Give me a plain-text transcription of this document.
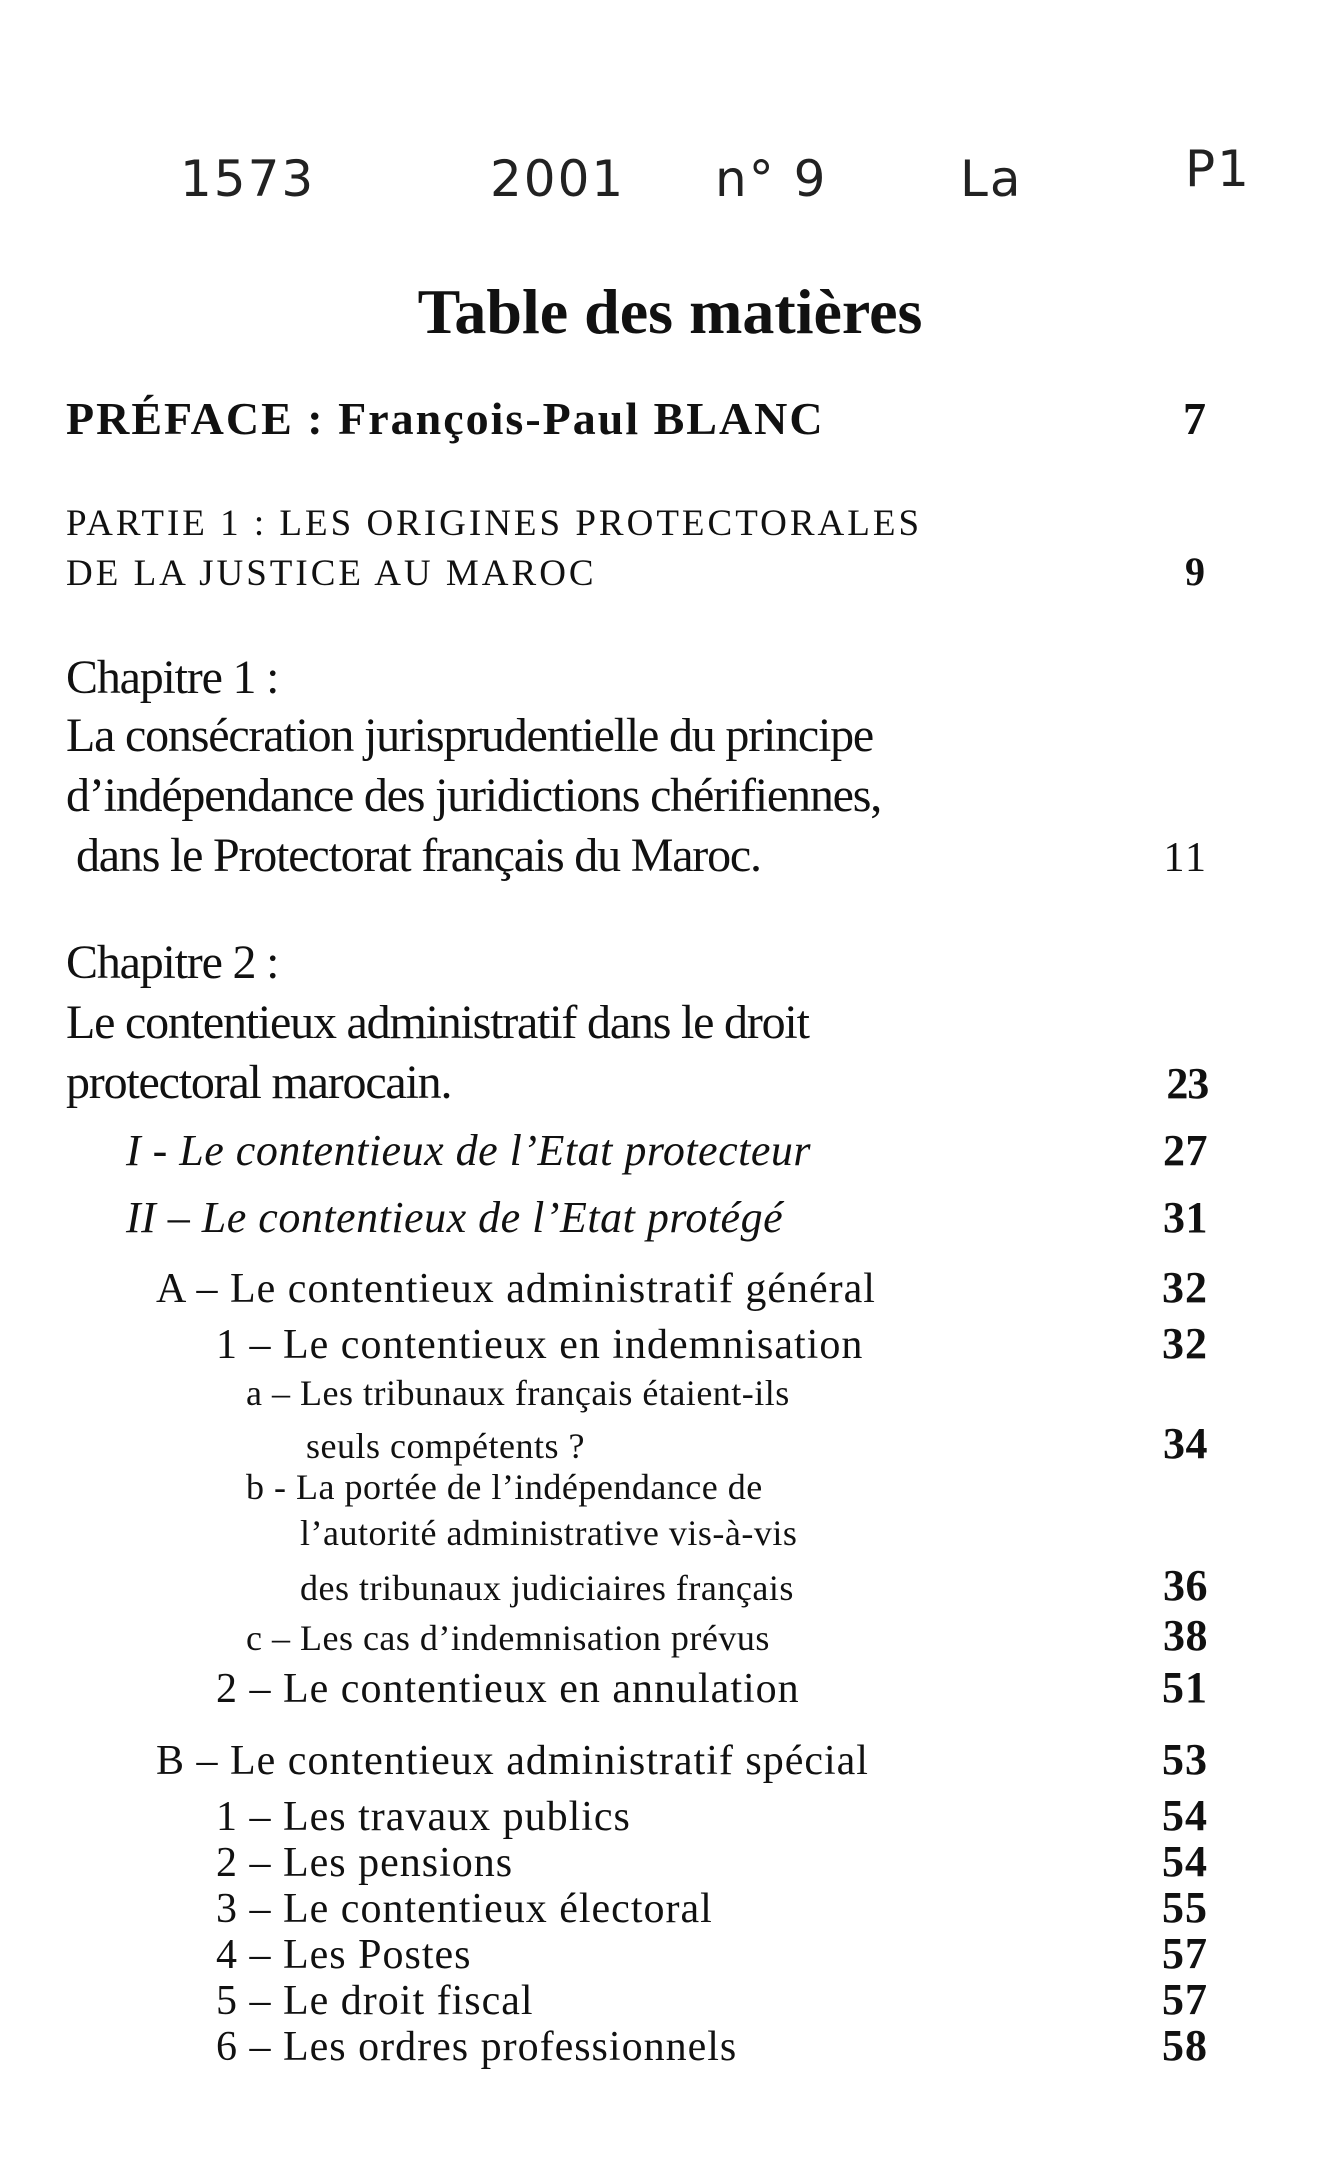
1573	2001 n° 9	La	P1
Table des matières
PRÉFACE : François-Paul BLANC	7
PARTIE 1 : LES ORIGINES PROTECTORALES
DE LA JUSTICE AU MAROC	9
Chapitre 1 :
La consécration jurisprudentielle du principe
d’indépendance des juridictions chérifiennes,
dans le Protectorat français du Maroc.	11
Chapitre 2 :
Le contentieux administratif dans le droit
protectoral marocain.	23
I - Le contentieux de l’Etat protecteur	27
II – Le contentieux de l’Etat protégé	31
A – Le contentieux administratif général	32
1 – Le contentieux en indemnisation	32
a – Les tribunaux français étaient-ils
seuls compétents ?	34
b - La portée de l’indépendance de
l’autorité administrative vis-à-vis
des tribunaux judiciaires français	36
c – Les cas d’indemnisation prévus	38
2 – Le contentieux en annulation	51
B – Le contentieux administratif spécial	53
1 – Les travaux publics	54
2 – Les pensions	54
3 – Le contentieux électoral	55
4 – Les Postes	57
5 – Le droit fiscal	57
6 – Les ordres professionnels	58
